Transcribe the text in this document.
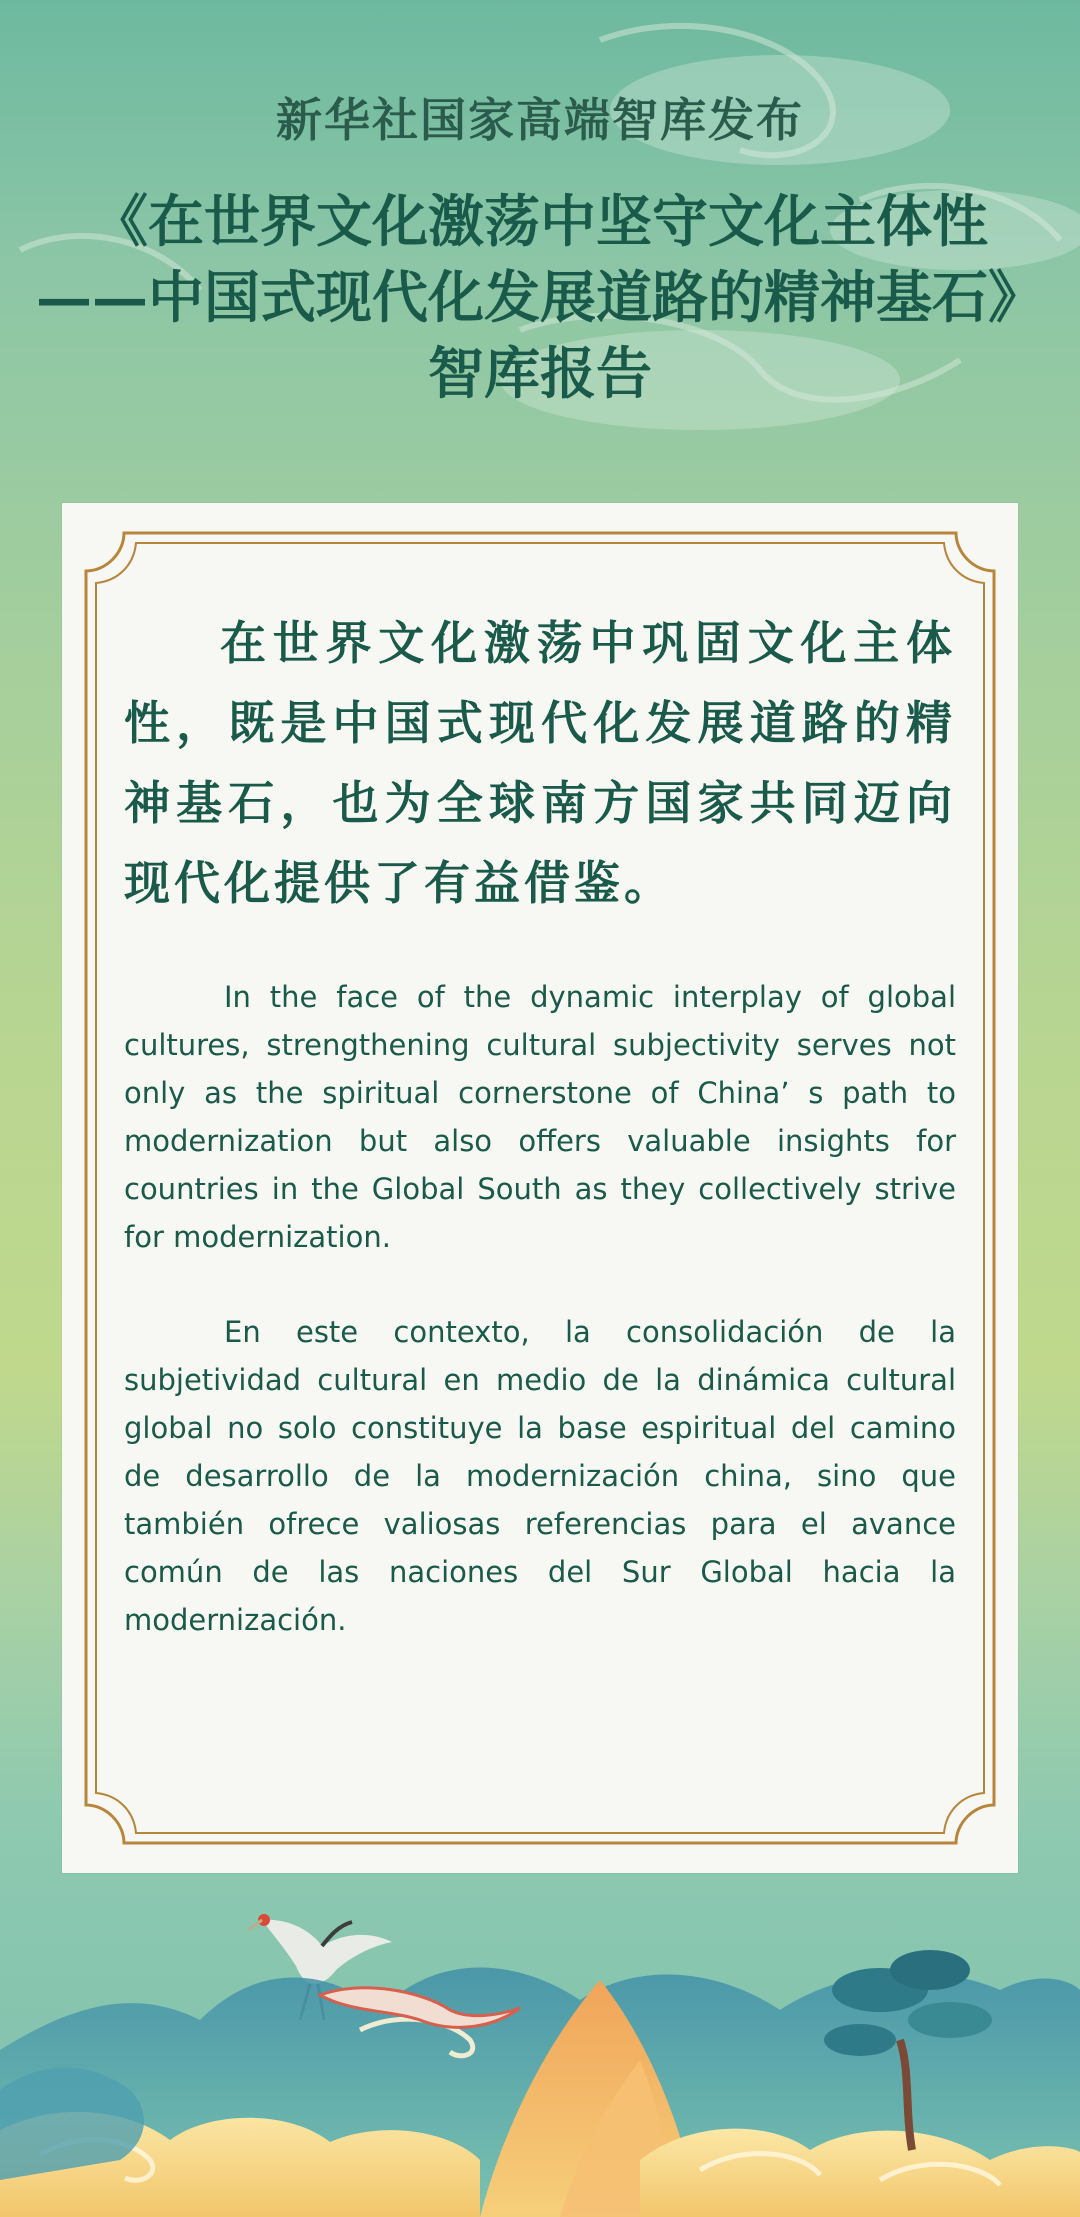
新华社国家高端智库发布
《在世界文化激荡中坚守文化主体性
——中国式现代化发展道路的精神基石》
智库报告

在世界文化激荡中巩固文化主体性，既是中国式现代化发展道路的精神基石，也为全球南方国家共同迈向现代化提供了有益借鉴。

In the face of the dynamic interplay of global cultures, strengthening cultural subjectivity serves not only as the spiritual cornerstone of China’ s path to modernization but also offers valuable insights for countries in the Global South as they collectively strive for modernization.

En este contexto, la consolidación de la subjetividad cultural en medio de la dinámica cultural global no solo constituye la base espiritual del camino de desarrollo de la modernización china, sino que también ofrece valiosas referencias para el avance común de las naciones del Sur Global hacia la modernización.
